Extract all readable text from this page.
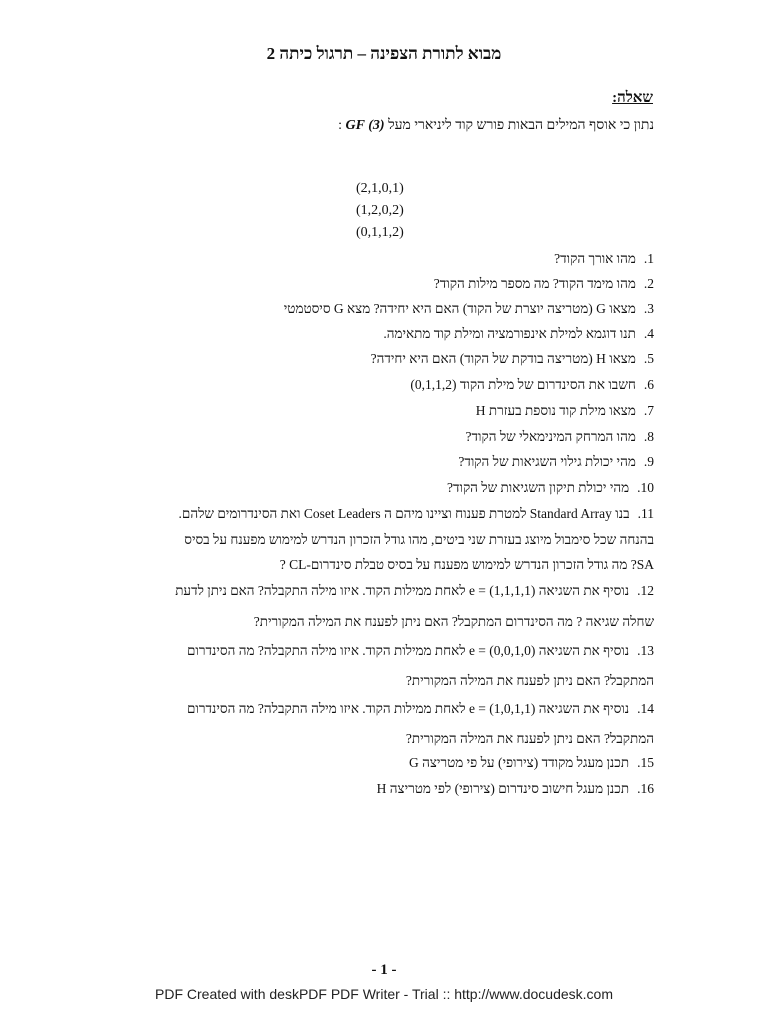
מבוא לתורת הצפינה – תרגול כיתה 2
שאלה:
נתון כי אוסף המילים הבאות פורש קוד ליניארי מעל GF (3) :
(2,1,0,1)
(1,2,0,2)
(0,1,1,2)
1.מהו אורך הקוד?
2.מהו מימד הקוד? מה מספר מילות הקוד?
3.מצאו G (מטריצה יוצרת של הקוד) האם היא יחידה? מצא G סיסטמטי
4.תנו דוגמא למילת אינפורמציה ומילת קוד מתאימה.
5.מצאו H (מטריצה בודקת של הקוד) האם היא יחידה?
6.חשבו את הסינדרום של מילת הקוד (0,1,1,2)
7.מצאו מילת קוד נוספת בעזרת H
8.מהו המרחק המינימאלי של הקוד?
9.מהי יכולת גילוי השגיאות של הקוד?
10.מהי יכולת תיקון השגיאות של הקוד?
11.בנו Standard Array למטרת פענוח וציינו מיהם ה Coset Leaders ואת הסינדרומים שלהם.
בהנחה שכל סימבול מיוצג בעזרת שני ביטים, מהו גודל הזכרון הנדרש למימוש מפענח על בסיס
SA? מה גודל הזכרון הנדרש למימוש מפענח על בסיס טבלת סינדרום-CL ?
12.נוסיף את השגיאה e = (1,1,1,1) לאחת ממילות הקוד. איזו מילה התקבלה? האם ניתן לדעת
שחלה שגיאה ? מה הסינדרום המתקבל? האם ניתן לפענח את המילה המקורית?
13.נוסיף את השגיאה e = (0,0,1,0) לאחת ממילות הקוד. איזו מילה התקבלה? מה הסינדרום
המתקבל? האם ניתן לפענח את המילה המקורית?
14.נוסיף את השגיאה e = (1,0,1,1) לאחת ממילות הקוד. איזו מילה התקבלה? מה הסינדרום
המתקבל? האם ניתן לפענח את המילה המקורית?
15.תכנן מעגל מקודד (צירופי) על פי מטריצה G
16.תכנן מעגל חישוב סינדרום (צירופי) לפי מטריצה H
- 1 -
PDF Created with deskPDF PDF Writer - Trial :: http://www.docudesk.com
